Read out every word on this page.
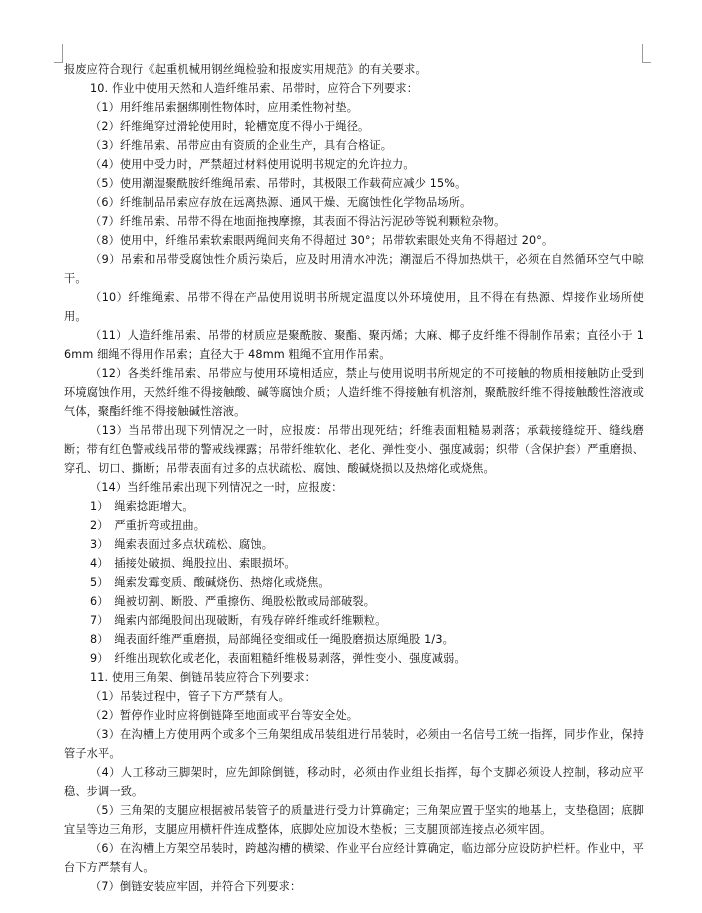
报废应符合现行《起重机械用钢丝绳检验和报废实用规范》的有关要求。

10. 作业中使用天然和人造纤维吊索、吊带时，应符合下列要求：

（1）用纤维吊索捆绑刚性物体时，应用柔性物衬垫。

（2）纤维绳穿过滑轮使用时，轮槽宽度不得小于绳径。

（3）纤维吊索、吊带应由有资质的企业生产，具有合格证。

（4）使用中受力时，严禁超过材料使用说明书规定的允许拉力。

（5）使用潮湿聚酰胺纤维绳吊索、吊带时，其极限工作载荷应减少 15%。

（6）纤维制品吊索应存放在远离热源、通风干燥、无腐蚀性化学物品场所。

（7）纤维吊索、吊带不得在地面拖拽摩擦，其表面不得沾污泥砂等锐利颗粒杂物。

（8）使用中，纤维吊索软索眼两绳间夹角不得超过 30°；吊带软索眼处夹角不得超过 20°。

（9）吊索和吊带受腐蚀性介质污染后，应及时用清水冲洗；潮湿后不得加热烘干，必须在自然循环空气中晾干。

（10）纤维绳索、吊带不得在产品使用说明书所规定温度以外环境使用，且不得在有热源、焊接作业场所使用。

（11）人造纤维吊索、吊带的材质应是聚酰胺、聚酯、聚丙烯；大麻、椰子皮纤维不得制作吊索；直径小于 16mm 细绳不得用作吊索；直径大于 48mm 粗绳不宜用作吊索。

（12）各类纤维吊索、吊带应与使用环境相适应，禁止与使用说明书所规定的不可接触的物质相接触防止受到环境腐蚀作用，天然纤维不得接触酸、碱等腐蚀介质；人造纤维不得接触有机溶剂，聚酰胺纤维不得接触酸性溶液或气体，聚酯纤维不得接触碱性溶液。

（13）当吊带出现下列情况之一时，应报废：吊带出现死结；纤维表面粗糙易剥落；承载接缝绽开、缝线磨断；带有红色警戒线吊带的警戒线裸露；吊带纤维软化、老化、弹性变小、强度减弱；织带（含保护套）严重磨损、穿孔、切口、撕断；吊带表面有过多的点状疏松、腐蚀、酸碱烧损以及热熔化或烧焦。

（14）当纤维吊索出现下列情况之一时，应报废：

1）　绳索捻距增大。

2）　严重折弯或扭曲。

3）　绳索表面过多点状疏松、腐蚀。

4）　插接处破损、绳股拉出、索眼损坏。

5）　绳索发霉变质、酸碱烧伤、热熔化或烧焦。

6）　绳被切割、断股、严重擦伤、绳股松散或局部破裂。

7）　绳索内部绳股间出现破断，有残存碎纤维或纤维颗粒。

8）　绳表面纤维严重磨损，局部绳径变细或任一绳股磨损达原绳股 1/3。

9）　纤维出现软化或老化，表面粗糙纤维极易剥落，弹性变小、强度减弱。

11. 使用三角架、倒链吊装应符合下列要求：

（1）吊装过程中，管子下方严禁有人。

（2）暂停作业时应将倒链降至地面或平台等安全处。

（3）在沟槽上方使用两个或多个三角架组成吊装组进行吊装时，必须由一名信号工统一指挥，同步作业，保持管子水平。

（4）人工移动三脚架时，应先卸除倒链，移动时，必须由作业组长指挥，每个支脚必须设人控制，移动应平稳、步调一致。

（5）三角架的支腿应根据被吊装管子的质量进行受力计算确定；三角架应置于坚实的地基上，支垫稳固；底脚宜呈等边三角形，支腿应用横杆件连成整体，底脚处应加设木垫板；三支腿顶部连接点必须牢固。

（6）在沟槽上方架空吊装时，跨越沟槽的横梁、作业平台应经计算确定，临边部分应设防护栏杆。作业中，平台下方严禁有人。

（7）倒链安装应牢固，并符合下列要求：
